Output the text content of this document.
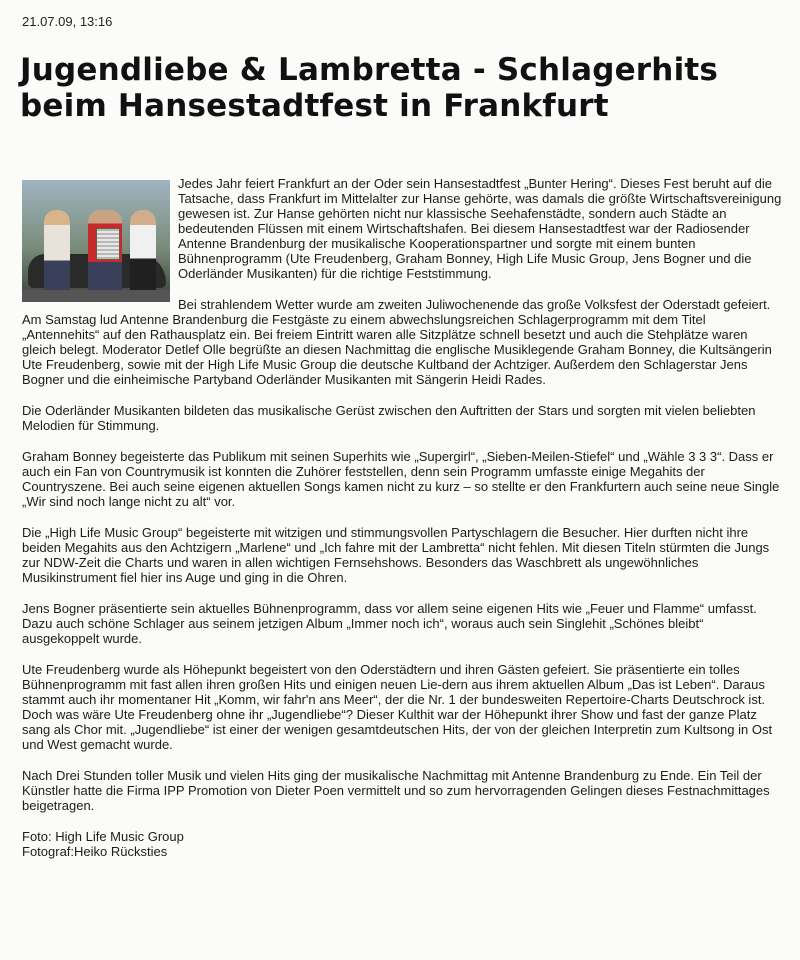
21.07.09, 13:16
Jugendliebe & Lambretta - Schlagerhits beim Hansestadtfest in Frankfurt

Jedes Jahr feiert Frankfurt an der Oder sein Hansestadtfest „Bunter Hering“. Dieses Fest beruht auf die Tatsache, dass Frankfurt im Mittelalter zur Hanse gehörte, was damals die größte Wirtschaftsvereinigung gewesen ist. Zur Hanse gehörten nicht nur klassische Seehafenstädte, sondern auch Städte an bedeutenden Flüssen mit einem Wirtschaftshafen. Bei diesem Hansestadtfest war der Radiosender Antenne Brandenburg der musikalische Kooperationspartner und sorgte mit einem bunten Bühnenprogramm (Ute Freudenberg, Graham Bonney, High Life Music Group, Jens Bogner und die Oderländer Musikanten) für die richtige Feststimmung.

Bei strahlendem Wetter wurde am zweiten Juliwochenende das große Volksfest der Oderstadt gefeiert. Am Samstag lud Antenne Brandenburg die Festgäste zu einem abwechslungsreichen Schlagerprogramm mit dem Titel „Antennehits“ auf den Rathausplatz ein. Bei freiem Eintritt waren alle Sitzplätze schnell besetzt und auch die Stehplätze waren gleich belegt. Moderator Detlef Olle begrüßte an diesen Nachmittag die englische Musiklegende Graham Bonney, die Kultsängerin Ute Freudenberg, sowie mit der High Life Music Group die deutsche Kultband der Achtziger. Außerdem den Schlagerstar Jens Bogner und die einheimische Partyband Oderländer Musikanten mit Sängerin Heidi Rades.

Die Oderländer Musikanten bildeten das musikalische Gerüst zwischen den Auftritten der Stars und sorgten mit vielen beliebten Melodien für Stimmung.

Graham Bonney begeisterte das Publikum mit seinen Superhits wie „Supergirl“, „Sieben-Meilen-Stiefel“ und „Wähle 3 3 3“. Dass er auch ein Fan von Countrymusik ist konnten die Zuhörer feststellen, denn sein Programm umfasste einige Megahits der Countryszene. Bei auch seine eigenen aktuellen Songs kamen nicht zu kurz – so stellte er den Frankfurtern auch seine neue Single „Wir sind noch lange nicht zu alt“ vor.

Die „High Life Music Group“ begeisterte mit witzigen und stimmungsvollen Partyschlagern die Besucher. Hier durften nicht ihre beiden Megahits aus den Achtzigern „Marlene“ und „Ich fahre mit der Lambretta“ nicht fehlen. Mit diesen Titeln stürmten die Jungs zur NDW-Zeit die Charts und waren in allen wichtigen Fernsehshows. Besonders das Waschbrett als ungewöhnliches Musikinstrument fiel hier ins Auge und ging in die Ohren.

Jens Bogner präsentierte sein aktuelles Bühnenprogramm, dass vor allem seine eigenen Hits wie „Feuer und Flamme“ umfasst. Dazu auch schöne Schlager aus seinem jetzigen Album „Immer noch ich“, woraus auch sein Singlehit „Schönes bleibt“ ausgekoppelt wurde.

Ute Freudenberg wurde als Höhepunkt begeistert von den Oderstädtern und ihren Gästen gefeiert. Sie präsentierte ein tolles Bühnenprogramm mit fast allen ihren großen Hits und einigen neuen Lie-dern aus ihrem aktuellen Album „Das ist Leben“. Daraus stammt auch ihr momentaner Hit „Komm, wir fahr'n ans Meer“, der die Nr. 1 der bundesweiten Repertoire-Charts Deutschrock ist. Doch was wäre Ute Freudenberg ohne ihr „Jugendliebe“? Dieser Kulthit war der Höhepunkt ihrer Show und fast der ganze Platz sang als Chor mit. „Jugendliebe“ ist einer der wenigen gesamtdeutschen Hits, der von der gleichen Interpretin zum Kultsong in Ost und West gemacht wurde.

Nach Drei Stunden toller Musik und vielen Hits ging der musikalische Nachmittag mit Antenne Brandenburg zu Ende. Ein Teil der Künstler hatte die Firma IPP Promotion von Dieter Poen vermittelt und so zum hervorragenden Gelingen dieses Festnachmittages beigetragen.

Foto: High Life Music Group

Fotograf:Heiko Rücksties
